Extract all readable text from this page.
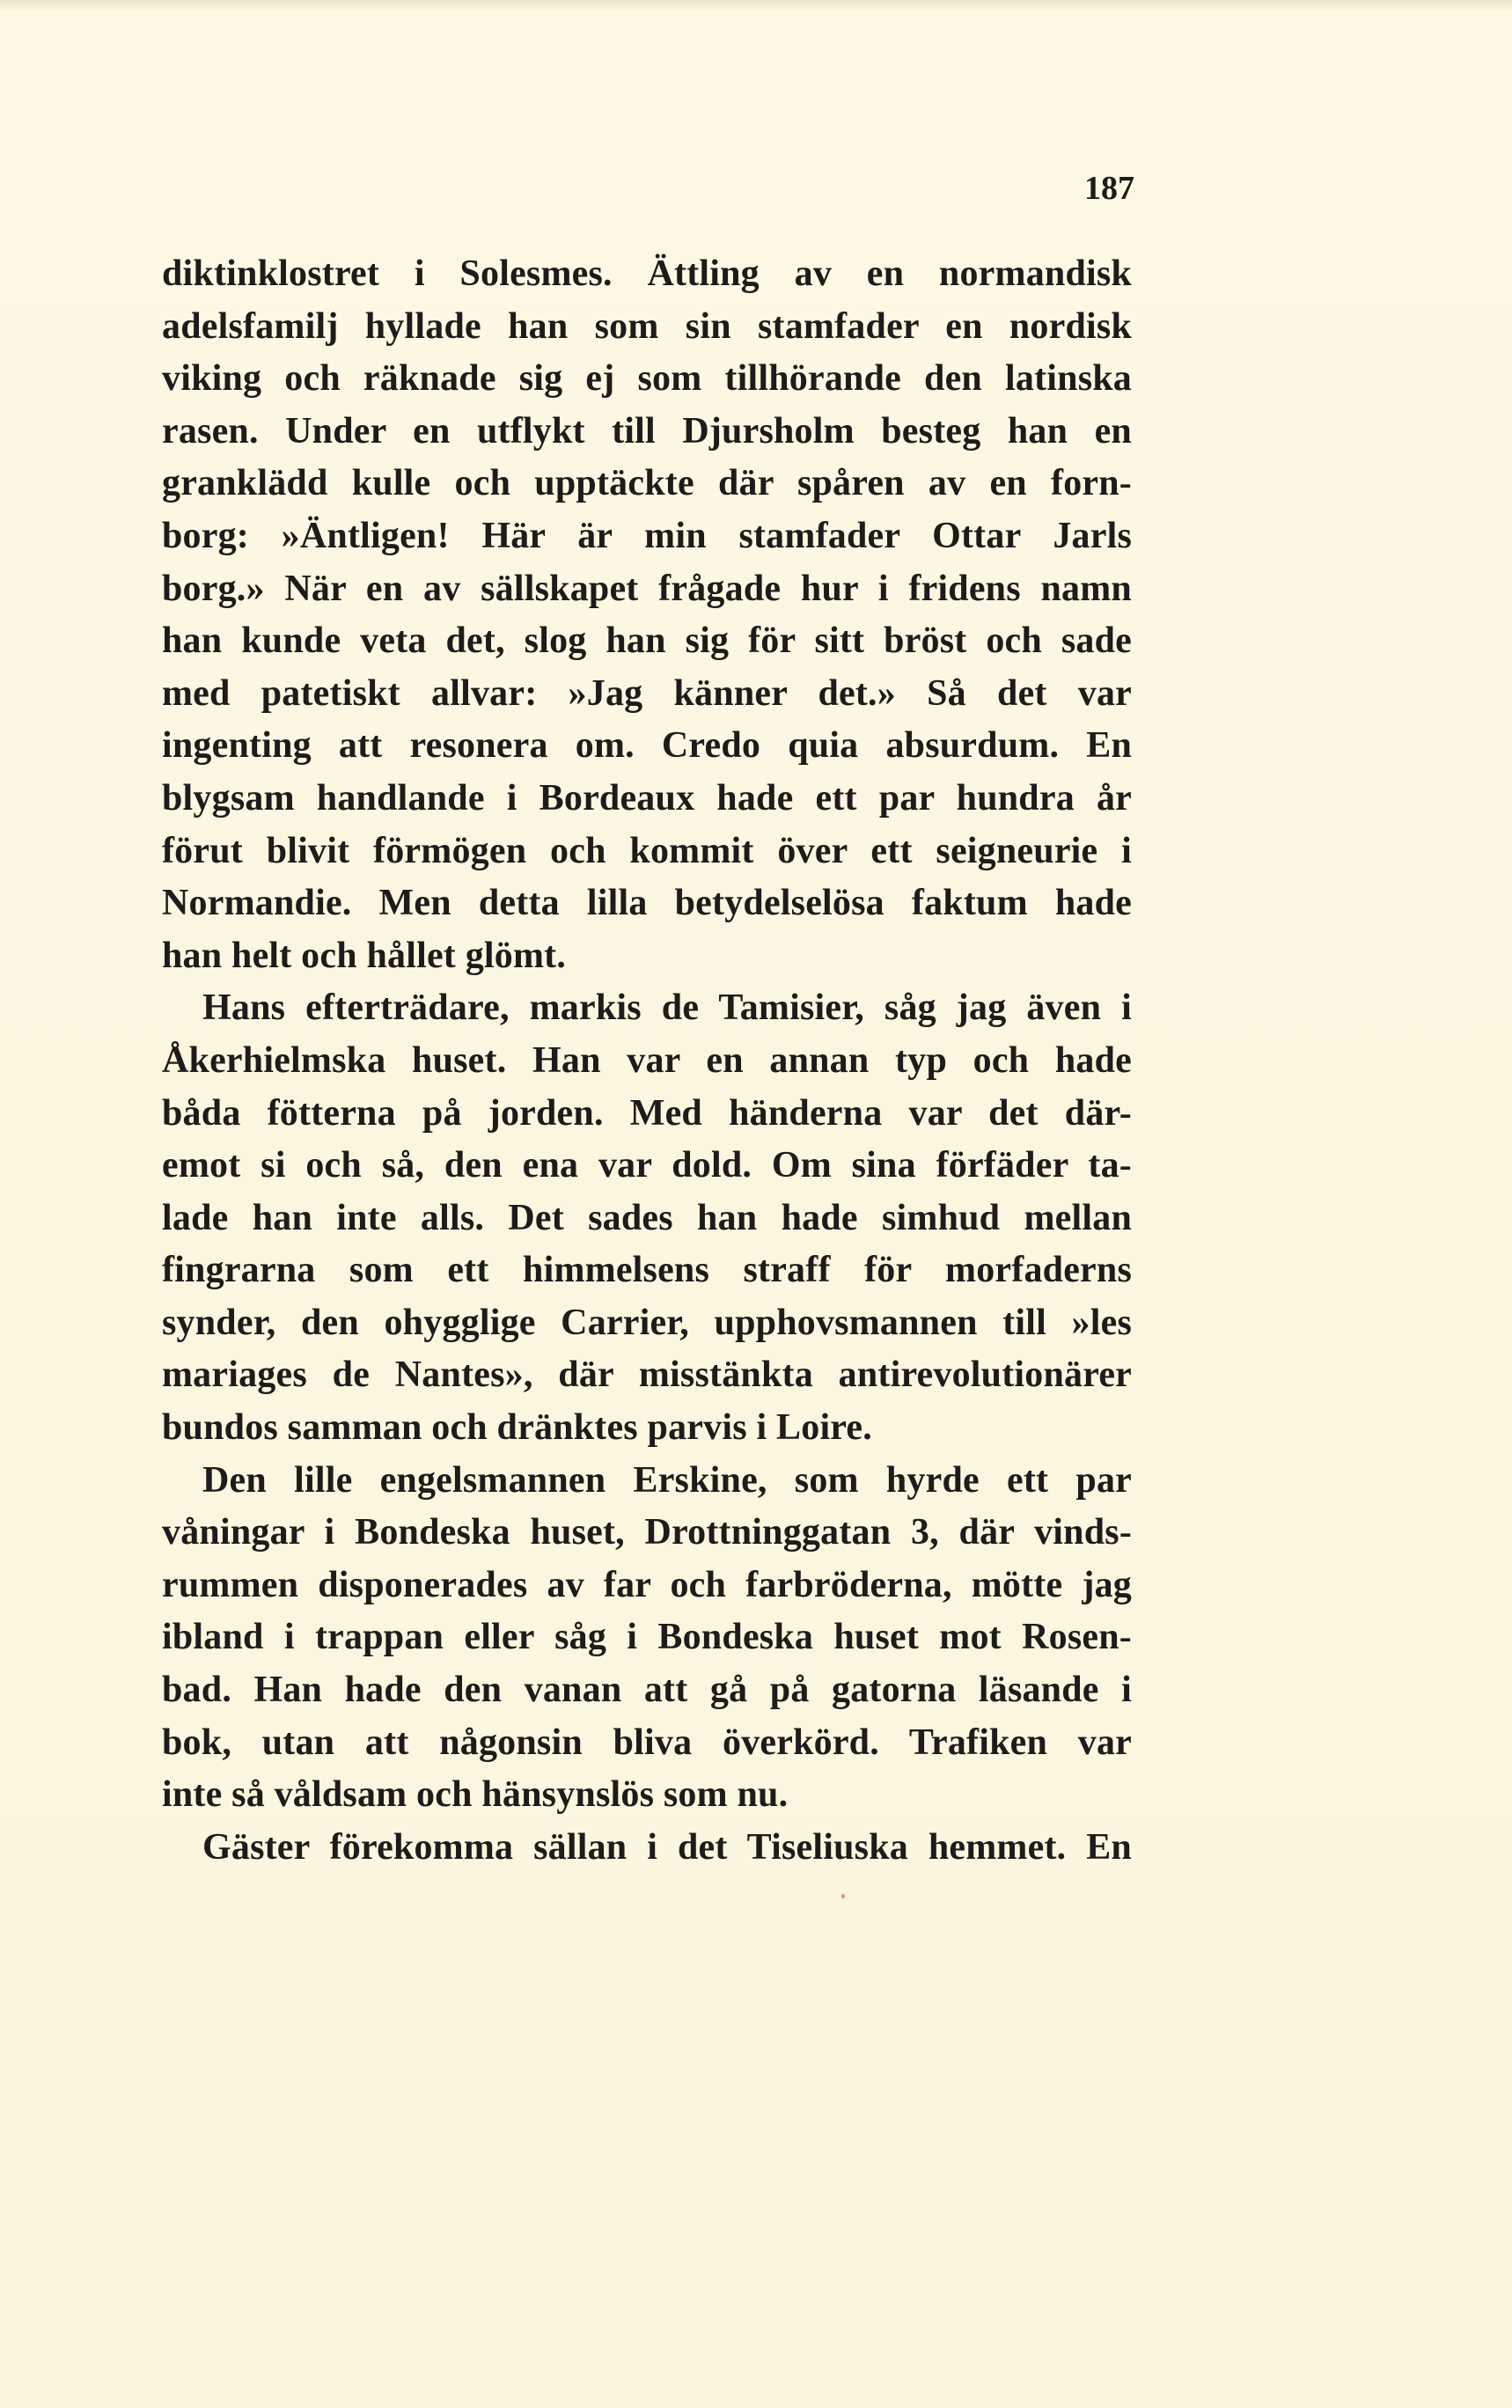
187
diktinklostret i Solesmes. Ättling av en normandisk
adelsfamilj hyllade han som sin stamfader en nordisk
viking och räknade sig ej som tillhörande den latinska
rasen. Under en utflykt till Djursholm besteg han en
granklädd kulle och upptäckte där spåren av en forn-
borg: »Äntligen! Här är min stamfader Ottar Jarls
borg.» När en av sällskapet frågade hur i fridens namn
han kunde veta det, slog han sig för sitt bröst och sade
med patetiskt allvar: »Jag känner det.» Så det var
ingenting att resonera om. Credo quia absurdum. En
blygsam handlande i Bordeaux hade ett par hundra år
förut blivit förmögen och kommit över ett seigneurie i
Normandie. Men detta lilla betydelselösa faktum hade
han helt och hållet glömt.
Hans efterträdare, markis de Tamisier, såg jag även i
Åkerhielmska huset. Han var en annan typ och hade
båda fötterna på jorden. Med händerna var det där-
emot si och så, den ena var dold. Om sina förfäder ta-
lade han inte alls. Det sades han hade simhud mellan
fingrarna som ett himmelsens straff för morfaderns
synder, den ohygglige Carrier, upphovsmannen till »les
mariages de Nantes», där misstänkta antirevolutionärer
bundos samman och dränktes parvis i Loire.
Den lille engelsmannen Erskine, som hyrde ett par
våningar i Bondeska huset, Drottninggatan 3, där vinds-
rummen disponerades av far och farbröderna, mötte jag
ibland i trappan eller såg i Bondeska huset mot Rosen-
bad. Han hade den vanan att gå på gatorna läsande i
bok, utan att någonsin bliva överkörd. Trafiken var
inte så våldsam och hänsynslös som nu.
Gäster förekomma sällan i det Tiseliuska hemmet. En
